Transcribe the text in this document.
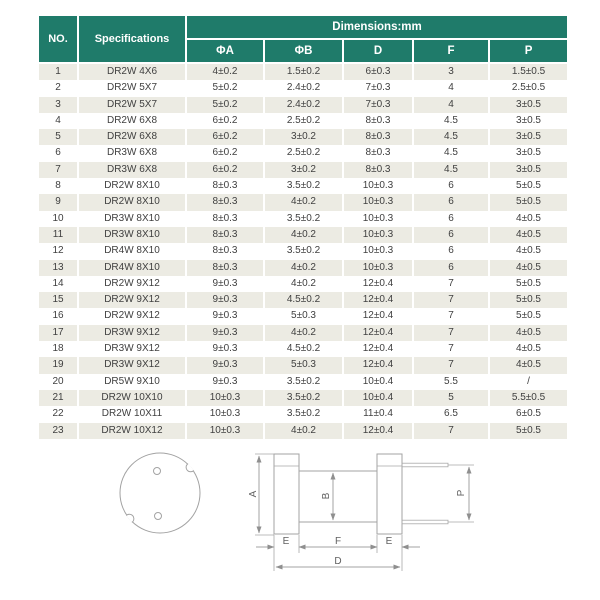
NO.	Specifications	Dimensions:mm				
		ΦA	ΦB	D	F	P
1	DR2W 4X6	4±0.2	1.5±0.2	6±0.3	3	1.5±0.5
2	DR2W 5X7	5±0.2	2.4±0.2	7±0.3	4	2.5±0.5
3	DR2W 5X7	5±0.2	2.4±0.2	7±0.3	4	3±0.5
4	DR2W 6X8	6±0.2	2.5±0.2	8±0.3	4.5	3±0.5
5	DR2W 6X8	6±0.2	3±0.2	8±0.3	4.5	3±0.5
6	DR3W 6X8	6±0.2	2.5±0.2	8±0.3	4.5	3±0.5
7	DR3W 6X8	6±0.2	3±0.2	8±0.3	4.5	3±0.5
8	DR2W 8X10	8±0.3	3.5±0.2	10±0.3	6	5±0.5
9	DR2W 8X10	8±0.3	4±0.2	10±0.3	6	5±0.5
10	DR3W 8X10	8±0.3	3.5±0.2	10±0.3	6	4±0.5
11	DR3W 8X10	8±0.3	4±0.2	10±0.3	6	4±0.5
12	DR4W 8X10	8±0.3	3.5±0.2	10±0.3	6	4±0.5
13	DR4W 8X10	8±0.3	4±0.2	10±0.3	6	4±0.5
14	DR2W 9X12	9±0.3	4±0.2	12±0.4	7	5±0.5
15	DR2W 9X12	9±0.3	4.5±0.2	12±0.4	7	5±0.5
16	DR2W 9X12	9±0.3	5±0.3	12±0.4	7	5±0.5
17	DR3W 9X12	9±0.3	4±0.2	12±0.4	7	4±0.5
18	DR3W 9X12	9±0.3	4.5±0.2	12±0.4	7	4±0.5
19	DR3W 9X12	9±0.3	5±0.3	12±0.4	7	4±0.5
20	DR5W 9X10	9±0.3	3.5±0.2	10±0.4	5.5	/
21	DR2W 10X10	10±0.3	3.5±0.2	10±0.4	5	5.5±0.5
22	DR2W 10X11	10±0.3	3.5±0.2	11±0.4	6.5	6±0.5
23	DR2W 10X12	10±0.3	4±0.2	12±0.4	7	5±0.5
A	B	P
E	F	E
D
